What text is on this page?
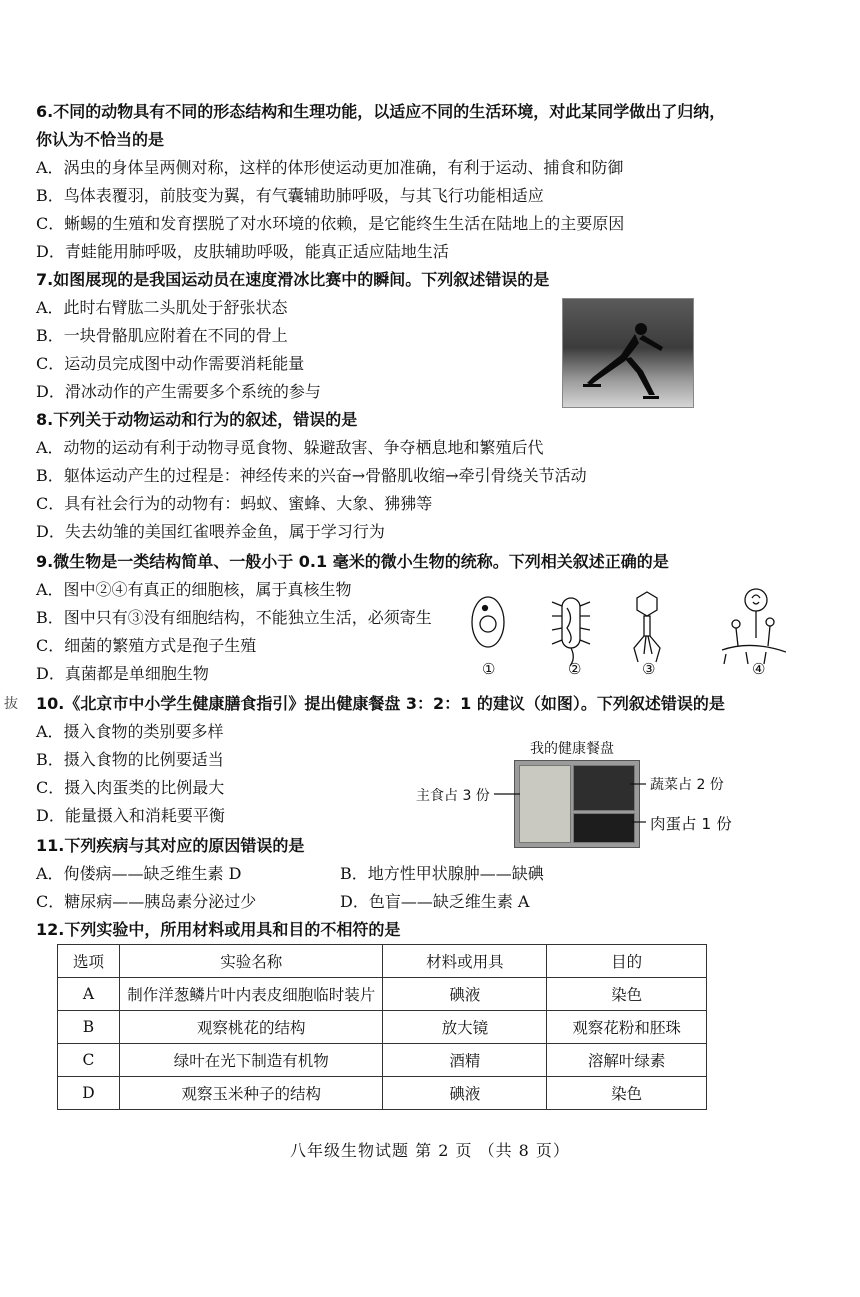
6.不同的动物具有不同的形态结构和生理功能，以适应不同的生活环境，对此某同学做出了归纳，
你认为不恰当的是
A．涡虫的身体呈两侧对称，这样的体形使运动更加准确，有利于运动、捕食和防御
B．鸟体表覆羽，前肢变为翼，有气囊辅助肺呼吸，与其飞行功能相适应
C．蜥蜴的生殖和发育摆脱了对水环境的依赖，是它能终生生活在陆地上的主要原因
D．青蛙能用肺呼吸，皮肤辅助呼吸，能真正适应陆地生活
7.如图展现的是我国运动员在速度滑冰比赛中的瞬间。下列叙述错误的是
A．此时右臂肱二头肌处于舒张状态
B．一块骨骼肌应附着在不同的骨上
C．运动员完成图中动作需要消耗能量
D．滑冰动作的产生需要多个系统的参与
8.下列关于动物运动和行为的叙述，错误的是
A．动物的运动有利于动物寻觅食物、躲避敌害、争夺栖息地和繁殖后代
B．躯体运动产生的过程是：神经传来的兴奋→骨骼肌收缩→牵引骨绕关节活动
C．具有社会行为的动物有：蚂蚁、蜜蜂、大象、狒狒等
D．失去幼雏的美国红雀喂养金鱼，属于学习行为
9.微生物是一类结构简单、一般小于 0.1 毫米的微小生物的统称。下列相关叙述正确的是
A．图中②④有真正的细胞核，属于真核生物
B．图中只有③没有细胞结构，不能独立生活，必须寄生
C．细菌的繁殖方式是孢子生殖
D．真菌都是单细胞生物	①	②	③	④
抜 10.《北京市中小学生健康膳食指引》提出健康餐盘 3：2：1 的建议（如图）。下列叙述错误的是
A．摄入食物的类别要多样
B．摄入食物的比例要适当
C．摄入肉蛋类的比例最大
D．能量摄入和消耗要平衡
我的健康餐盘
主食占 3 份
蔬菜占 2 份
肉蛋占 1 份
11.下列疾病与其对应的原因错误的是
A．佝偻病——缺乏维生素 D	B．地方性甲状腺肿——缺碘
C．糖尿病——胰岛素分泌过少	D．色盲——缺乏维生素 A
12.下列实验中，所用材料或用具和目的不相符的是
选项	实验名称	材料或用具	目的
A	制作洋葱鳞片叶内表皮细胞临时装片	碘液	染色
B	观察桃花的结构	放大镜	观察花粉和胚珠
C	绿叶在光下制造有机物	酒精	溶解叶绿素
D	观察玉米种子的结构	碘液	染色
八年级生物试题 第 2 页 （共 8 页）
